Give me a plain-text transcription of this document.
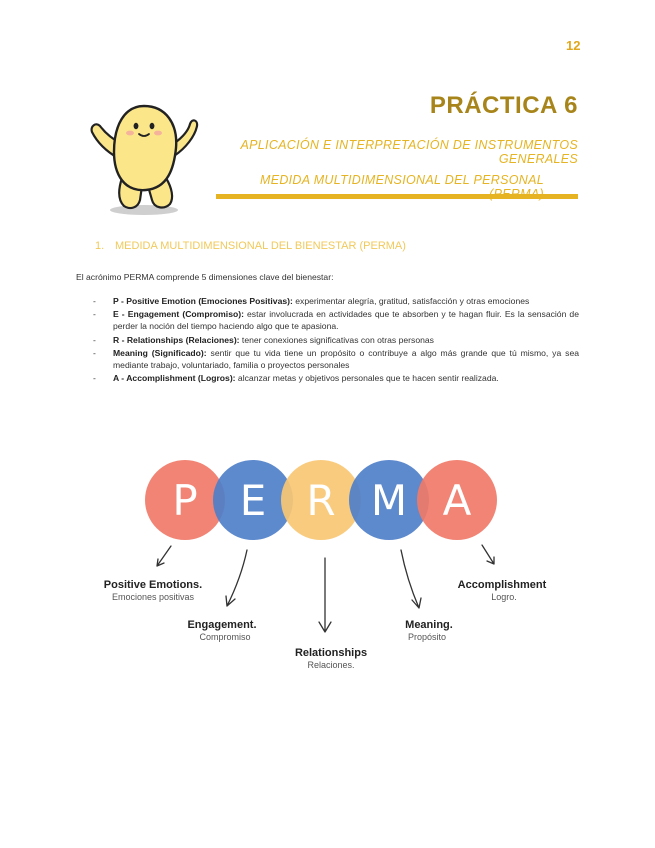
12
PRÁCTICA 6
APLICACIÓN E INTERPRETACIÓN DE INSTRUMENTOS GENERALES
MEDIDA MULTIDIMENSIONAL DEL PERSONAL
1. MEDIDA MULTIDIMENSIONAL DEL BIENESTAR (PERMA)
El acrónimo PERMA comprende 5 dimensiones clave del bienestar:
- P - Positive Emotion (Emociones Positivas): experimentar alegría, gratitud, satisfacción y otras emociones
- E - Engagement (Compromiso): estar involucrada en actividades que te absorben y te hagan fluir. Es la sensación de perder la noción del tiempo haciendo algo que te apasiona.
- R - Relationships (Relaciones): tener conexiones significativas con otras personas
- Meaning (Significado): sentir que tu vida tiene un propósito o contribuye a algo más grande que tú mismo, ya sea mediante trabajo, voluntariado, familia o proyectos personales
- A - Accomplishment (Logros): alcanzar metas y objetivos personales que te hacen sentir realizada.
P E R M A
Positive Emotions.
Emociones positivas
Engagement.
Compromiso
Relationships
Relaciones.
Meaning.
Propósito
Accomplishment
Logro.
